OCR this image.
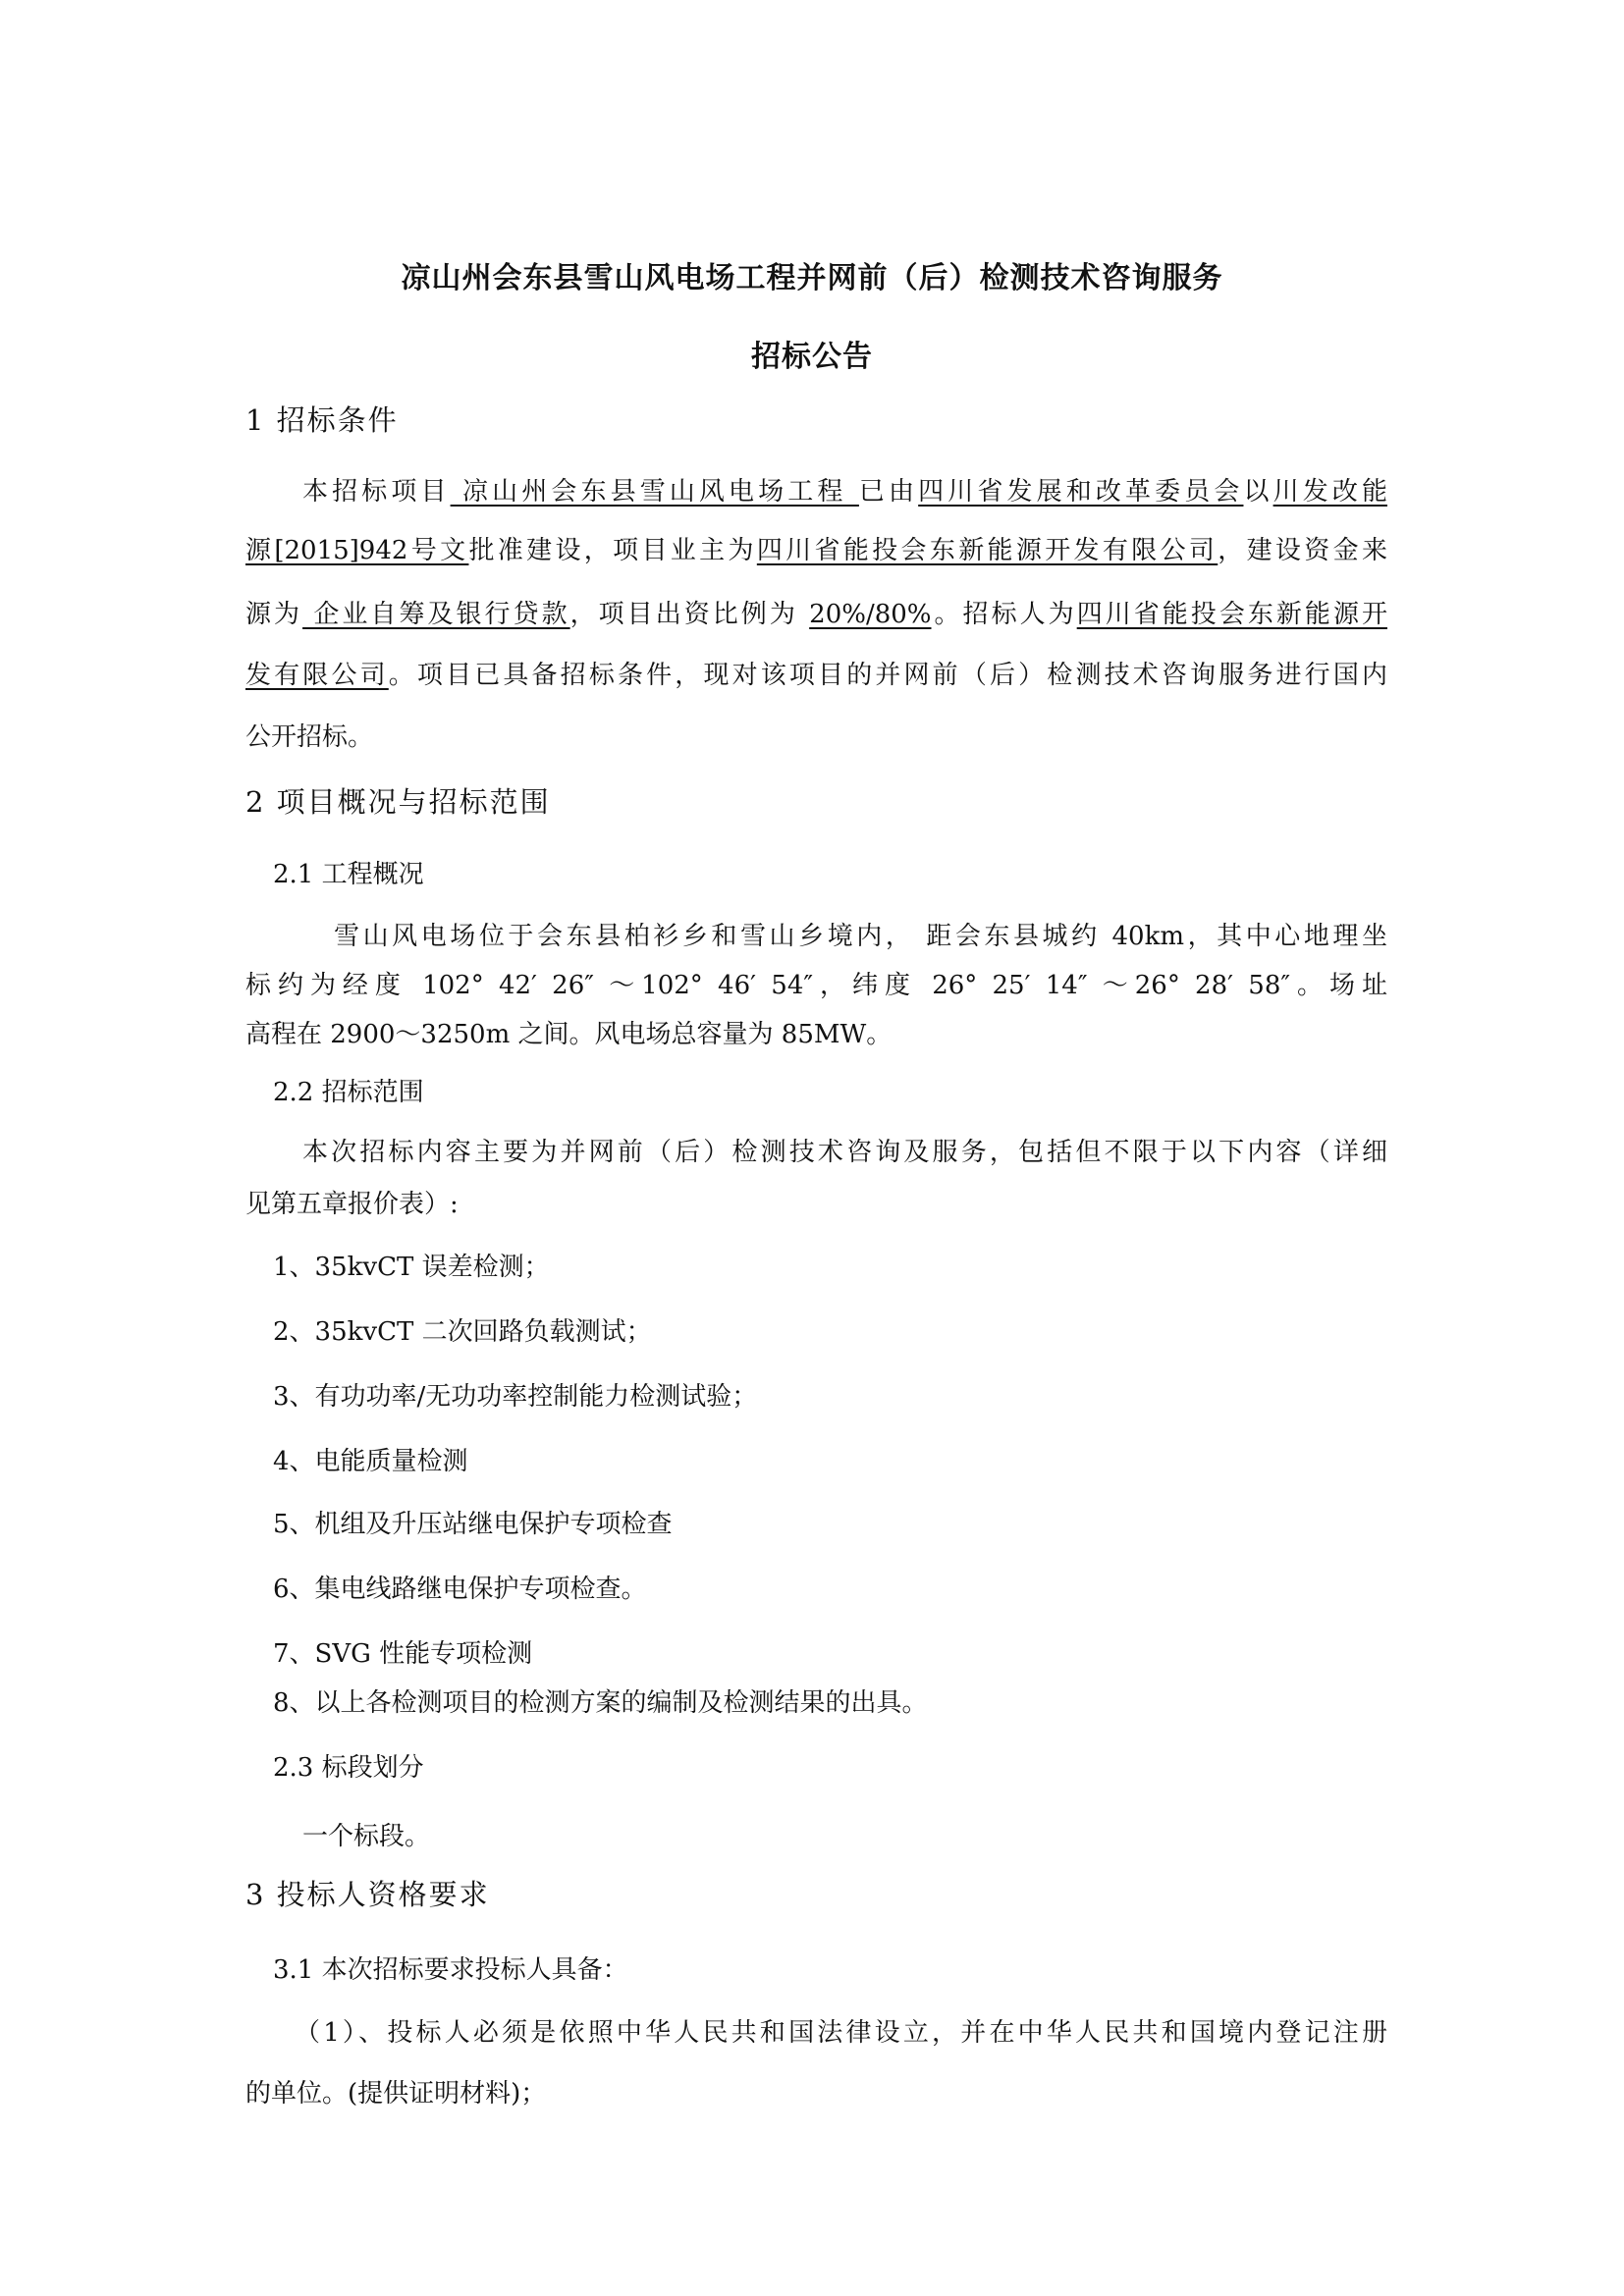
凉山州会东县雪山风电场工程并网前（后）检测技术咨询服务
招标公告
1 招标条件
本招标项目 凉山州会东县雪山风电场工程 已由四川省发展和改革委员会以川发改能
源[2015]942号文批准建设，项目业主为四川省能投会东新能源开发有限公司，建设资金来
源为 企业自筹及银行贷款，项目出资比例为 20%/80%。招标人为四川省能投会东新能源开
发有限公司。项目已具备招标条件，现对该项目的并网前（后）检测技术咨询服务进行国内
公开招标。
2 项目概况与招标范围
2.1 工程概况
雪山风电场位于会东县柏衫乡和雪山乡境内， 距会东县城约 40km，其中心地理坐
标约为经度 102° 42′ 26″ ～102° 46′ 54″，纬度 26° 25′ 14″ ～26° 28′ 58″。场址
高程在 2900～3250m 之间。风电场总容量为 85MW。
2.2 招标范围
本次招标内容主要为并网前（后）检测技术咨询及服务，包括但不限于以下内容（详细
见第五章报价表）:
1、35kvCT 误差检测；
2、35kvCT 二次回路负载测试；
3、有功功率/无功功率控制能力检测试验；
4、电能质量检测
5、机组及升压站继电保护专项检查
6、集电线路继电保护专项检查。
7、SVG 性能专项检测
8、以上各检测项目的检测方案的编制及检测结果的出具。
2.3 标段划分
一个标段。
3 投标人资格要求
3.1 本次招标要求投标人具备：
（1）、投标人必须是依照中华人民共和国法律设立，并在中华人民共和国境内登记注册
的单位。(提供证明材料)；
